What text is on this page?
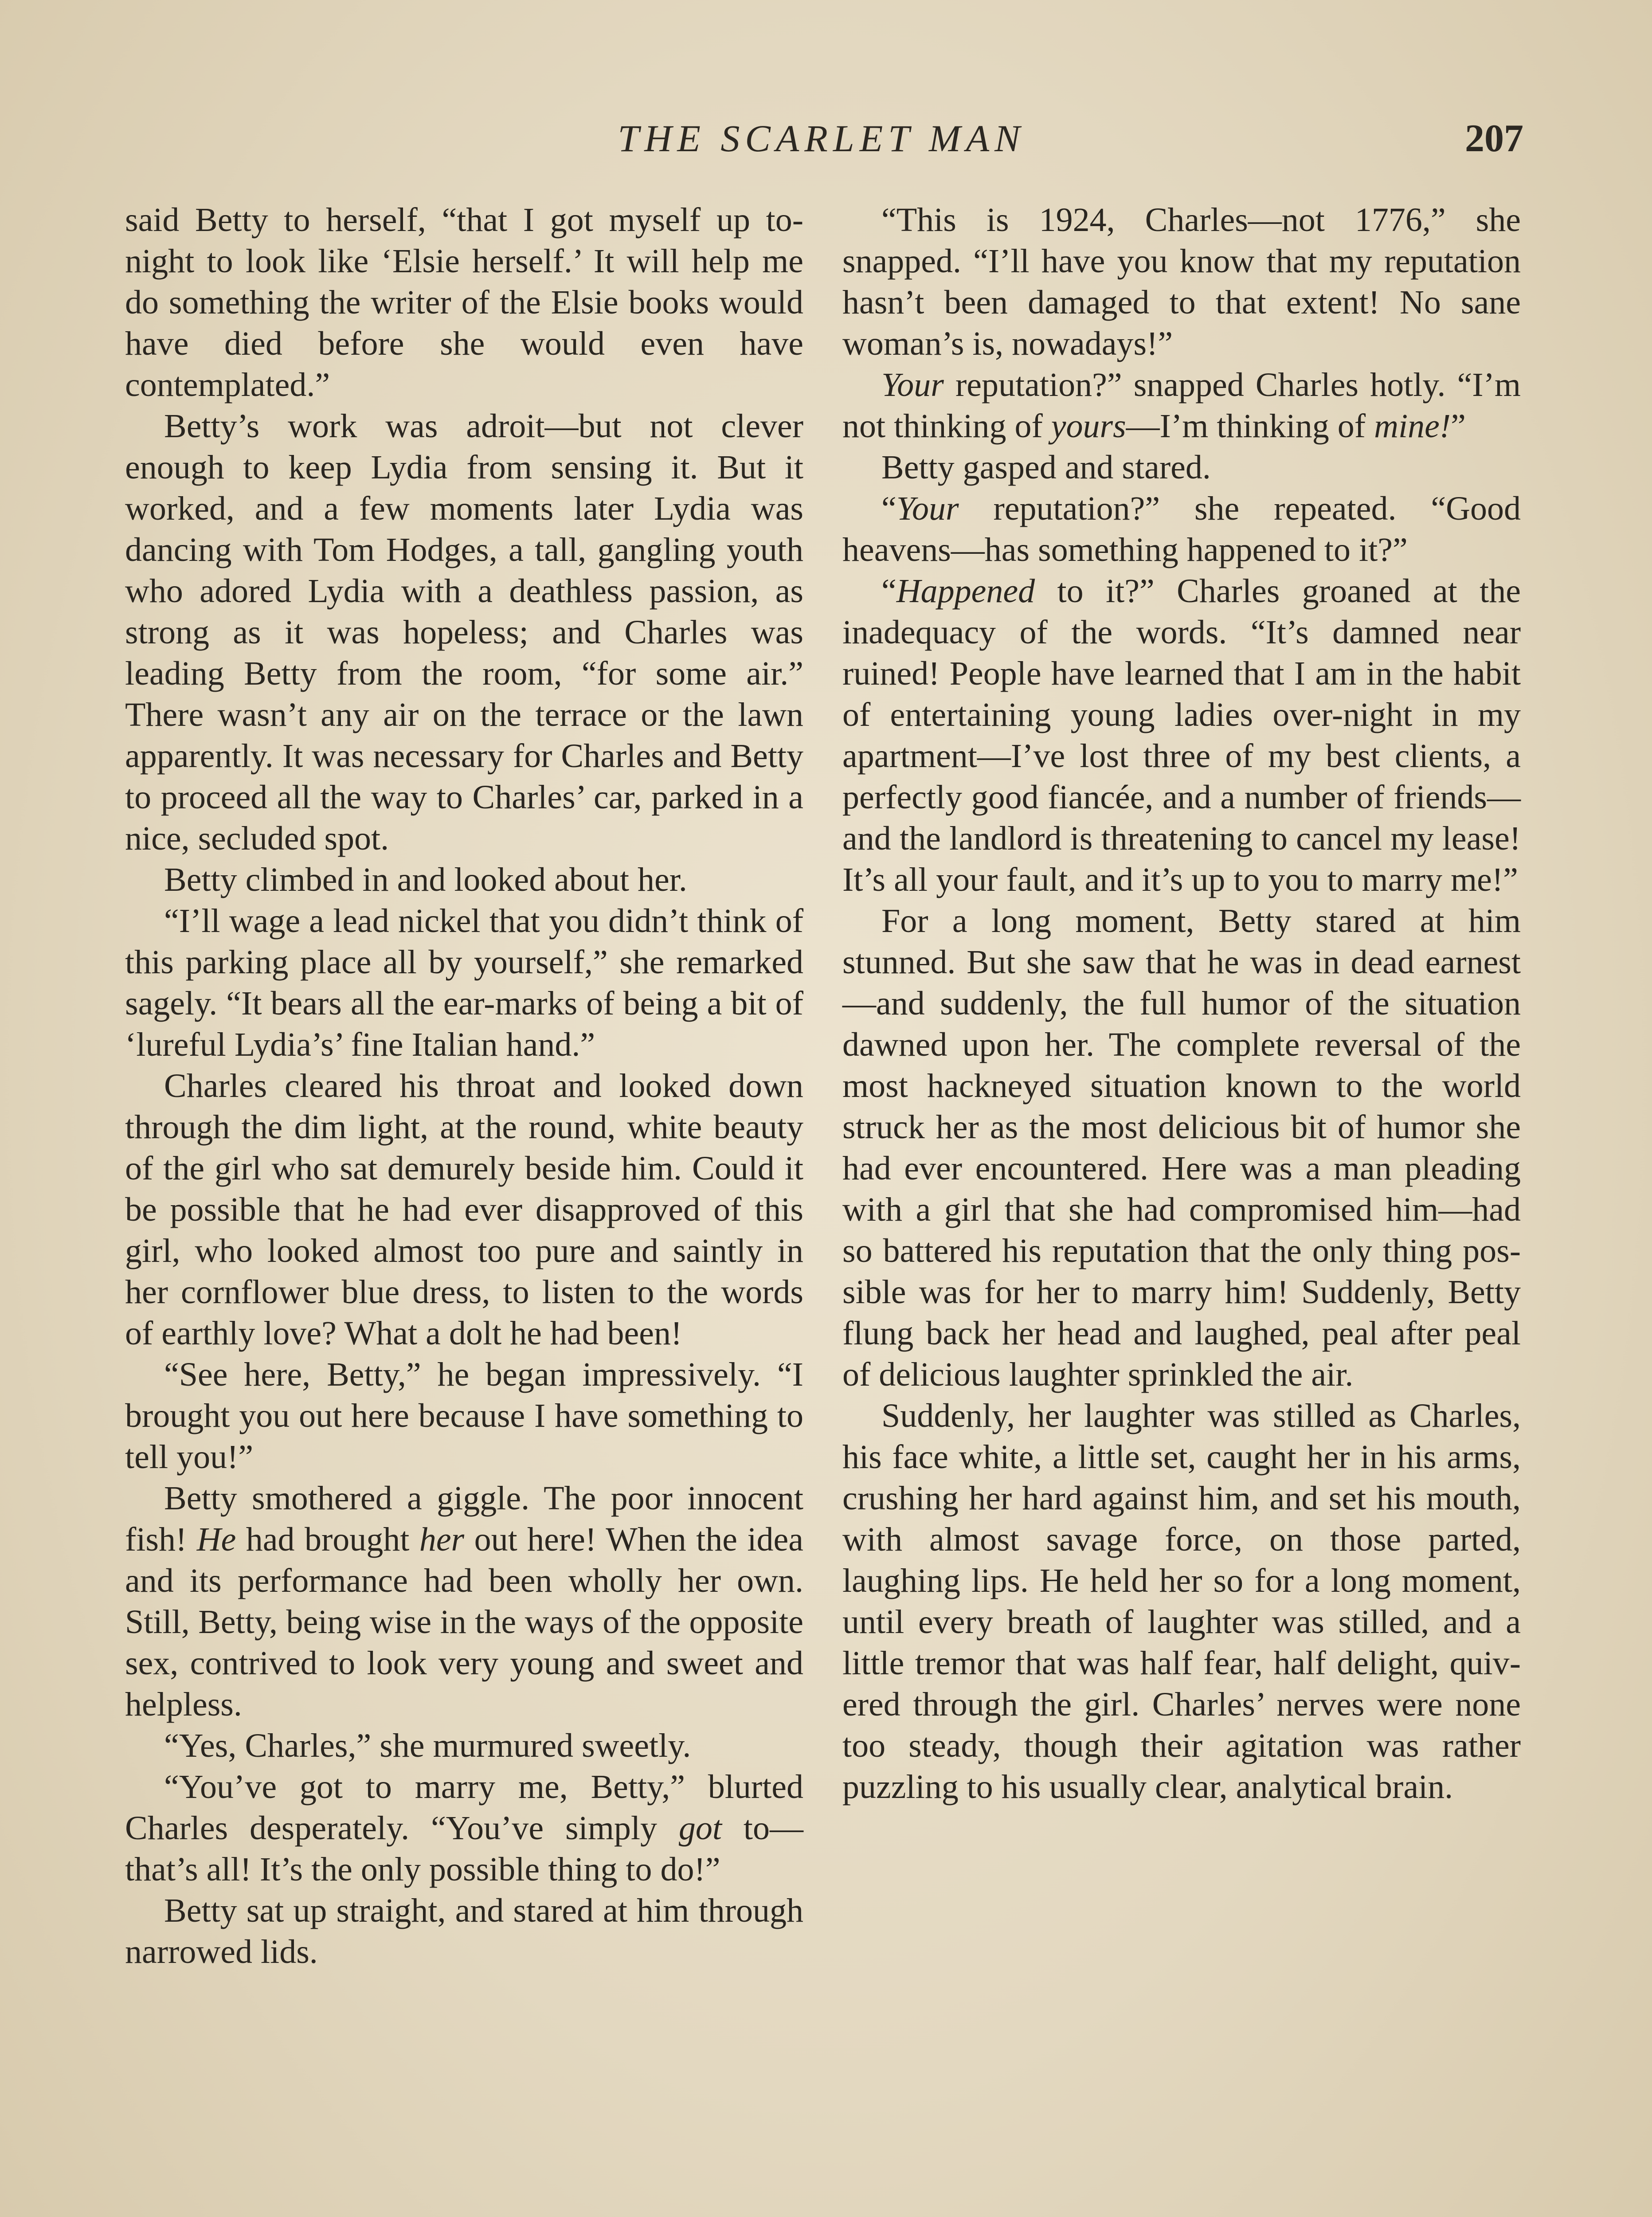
THE SCARLET MAN	207

said Betty to herself, “that I got myself up to-night to look like ‘Elsie herself.’ It will help me do something the writer of the Elsie books would have died before she would even have contemplated.”

Betty’s work was adroit—but not clever enough to keep Lydia from sensing it. But it worked, and a few moments later Lydia was dancing with Tom Hodges, a tall, gangling youth who adored Lydia with a deathless passion, as strong as it was hopeless; and Charles was leading Betty from the room, “for some air.” There wasn’t any air on the terrace or the lawn apparently. It was necessary for Charles and Betty to proceed all the way to Charles’ car, parked in a nice, secluded spot.

Betty climbed in and looked about her.

“I’ll wage a lead nickel that you didn’t think of this parking place all by yourself,” she remarked sagely. “It bears all the ear-marks of being a bit of ‘lureful Lydia’s’ fine Italian hand.”

Charles cleared his throat and looked down through the dim light, at the round, white beauty of the girl who sat demurely beside him. Could it be possible that he had ever disapproved of this girl, who looked almost too pure and saintly in her cornflower blue dress, to listen to the words of earthly love? What a dolt he had been!

“See here, Betty,” he began impressively. “I brought you out here because I have something to tell you!”

Betty smothered a giggle. The poor innocent fish! He had brought her out here! When the idea and its performance had been wholly her own. Still, Betty, being wise in the ways of the opposite sex, contrived to look very young and sweet and helpless.

“Yes, Charles,” she murmured sweetly.

“You’ve got to marry me, Betty,” blurted Charles desperately. “You’ve simply got to—that’s all! It’s the only possible thing to do!”

Betty sat up straight, and stared at him through narrowed lids.

“This is 1924, Charles—not 1776,” she snapped. “I’ll have you know that my reputation hasn’t been damaged to that extent! No sane woman’s is, nowadays!”

Your reputation?” snapped Charles hotly. “I’m not thinking of yours—I’m thinking of mine!”

Betty gasped and stared.

“Your reputation?” she repeated. “Good heavens—has something happened to it?”

“Happened to it?” Charles groaned at the inadequacy of the words. “It’s damned near ruined! People have learned that I am in the habit of entertaining young ladies over-night in my apartment—I’ve lost three of my best clients, a perfectly good fiancée, and a number of friends—and the landlord is threatening to cancel my lease! It’s all your fault, and it’s up to you to marry me!”

For a long moment, Betty stared at him stunned. But she saw that he was in dead earnest—and suddenly, the full humor of the situation dawned upon her. The complete reversal of the most hackneyed situation known to the world struck her as the most delicious bit of humor she had ever encountered. Here was a man pleading with a girl that she had compromised him—had so battered his reputation that the only thing possible was for her to marry him! Suddenly, Betty flung back her head and laughed, peal after peal of delicious laughter sprinkled the air.

Suddenly, her laughter was stilled as Charles, his face white, a little set, caught her in his arms, crushing her hard against him, and set his mouth, with almost savage force, on those parted, laughing lips. He held her so for a long moment, until every breath of laughter was stilled, and a little tremor that was half fear, half delight, quivered through the girl. Charles’ nerves were none too steady, though their agitation was rather puzzling to his usually clear, analytical brain.
